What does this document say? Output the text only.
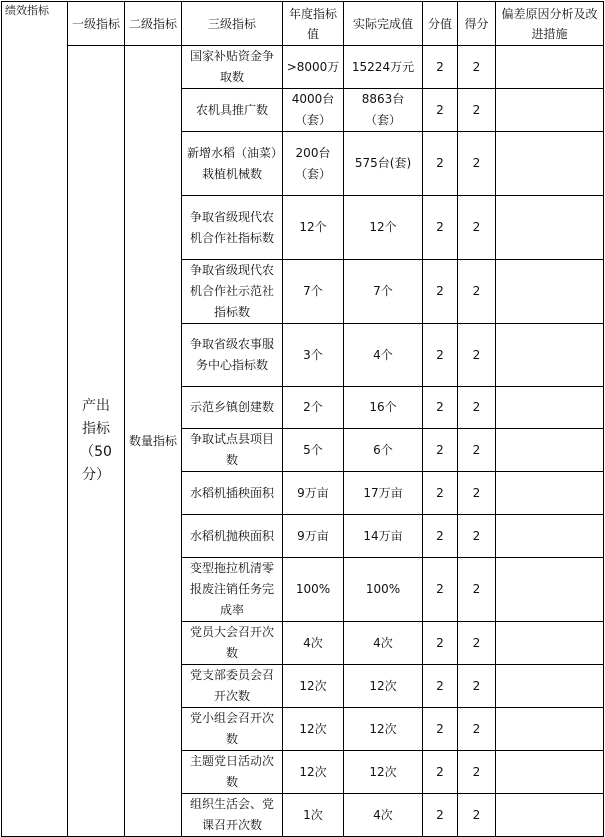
绩效指标	一级指标	二级指标	三级指标	年度指标值	实际完成值	分值	得分	偏差原因分析及改进措施
	产出指标（50分）	数量指标	国家补贴资金争取数	>8000万	15224万元	2	2	
			农机具推广数	4000台（套）	8863台（套）	2	2	
			新增水稻（油菜）栽植机械数	200台（套）	575台(套)	2	2	
			争取省级现代农机合作社指标数	12个	12个	2	2	
			争取省级现代农机合作社示范社指标数	7个	7个	2	2	
			争取省级农事服务中心指标数	3个	4个	2	2	
			示范乡镇创建数	2个	16个	2	2	
			争取试点县项目数	5个	6个	2	2	
			水稻机插秧面积	9万亩	17万亩	2	2	
			水稻机抛秧面积	9万亩	14万亩	2	2	
			变型拖拉机清零报废注销任务完成率	100%	100%	2	2	
			党员大会召开次数	4次	4次	2	2	
			党支部委员会召开次数	12次	12次	2	2	
			党小组会召开次数	12次	12次	2	2	
			主题党日活动次数	12次	12次	2	2	
			组织生活会、党课召开次数	1次	4次	2	2	
